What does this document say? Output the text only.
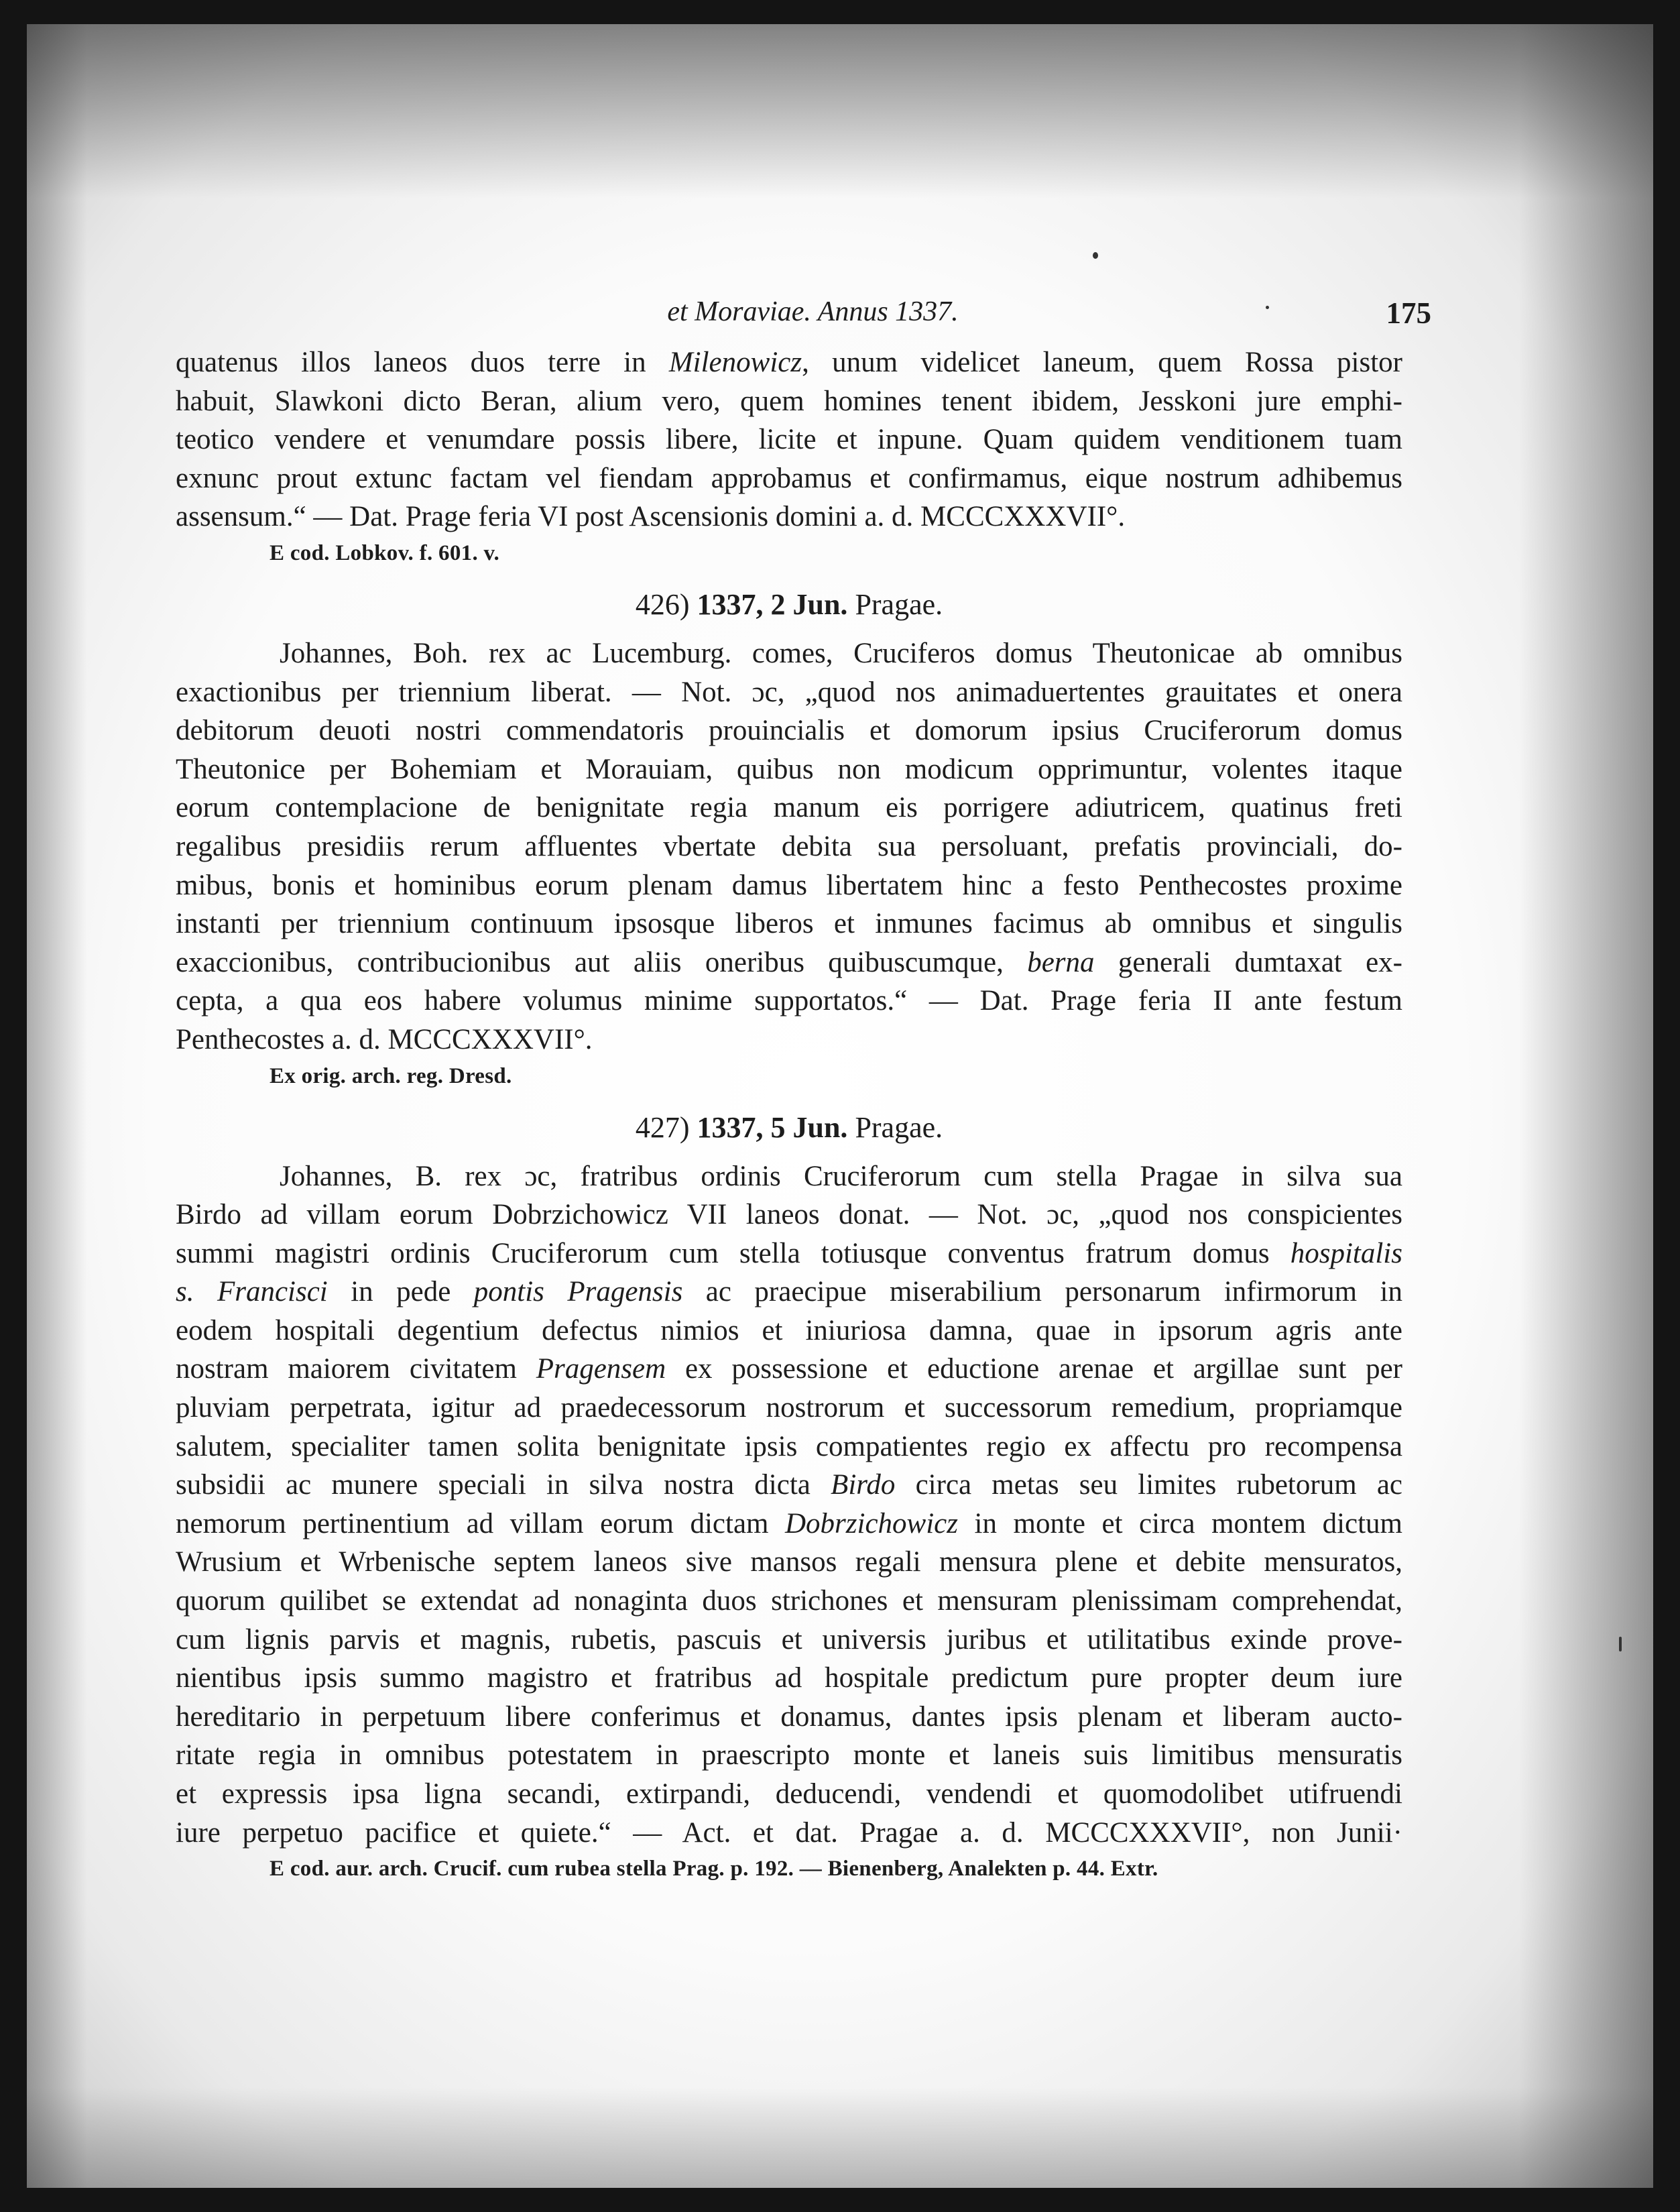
et Moraviae. Annus 1337.	175
quatenus illos laneos duos terre in Milenowicz, unum videlicet laneum, quem Rossa pistor
habuit, Slawkoni dicto Beran, alium vero, quem homines tenent ibidem, Jesskoni jure emphi-
teotico vendere et venumdare possis libere, licite et inpune. Quam quidem venditionem tuam
exnunc prout extunc factam vel fiendam approbamus et confirmamus, eique nostrum adhibemus
assensum.“ — Dat. Prage feria VI post Ascensionis domini a. d. MCCCXXXVII°.
E cod. Lobkov. f. 601. v.
426) 1337, 2 Jun. Pragae.
Johannes, Boh. rex ac Lucemburg. comes, Cruciferos domus Theutonicae ab omnibus
exactionibus per triennium liberat. — Not. ɔc, „quod nos animaduertentes grauitates et onera
debitorum deuoti nostri commendatoris prouincialis et domorum ipsius Cruciferorum domus
Theutonice per Bohemiam et Morauiam, quibus non modicum opprimuntur, volentes itaque
eorum contemplacione de benignitate regia manum eis porrigere adiutricem, quatinus freti
regalibus presidiis rerum affluentes vbertate debita sua persoluant, prefatis provinciali, do-
mibus, bonis et hominibus eorum plenam damus libertatem hinc a festo Penthecostes proxime
instanti per triennium continuum ipsosque liberos et inmunes facimus ab omnibus et singulis
exaccionibus, contribucionibus aut aliis oneribus quibuscumque, berna generali dumtaxat ex-
cepta, a qua eos habere volumus minime supportatos.“ — Dat. Prage feria II ante festum
Penthecostes a. d. MCCCXXXVII°.
Ex orig. arch. reg. Dresd.
427) 1337, 5 Jun. Pragae.
Johannes, B. rex ɔc, fratribus ordinis Cruciferorum cum stella Pragae in silva sua
Birdo ad villam eorum Dobrzichowicz VII laneos donat. — Not. ɔc, „quod nos conspicientes
summi magistri ordinis Cruciferorum cum stella totiusque conventus fratrum domus hospitalis
s. Francisci in pede pontis Pragensis ac praecipue miserabilium personarum infirmorum in
eodem hospitali degentium defectus nimios et iniuriosa damna, quae in ipsorum agris ante
nostram maiorem civitatem Pragensem ex possessione et eductione arenae et argillae sunt per
pluviam perpetrata, igitur ad praedecessorum nostrorum et successorum remedium, propriamque
salutem, specialiter tamen solita benignitate ipsis compatientes regio ex affectu pro recompensa
subsidii ac munere speciali in silva nostra dicta Birdo circa metas seu limites rubetorum ac
nemorum pertinentium ad villam eorum dictam Dobrzichowicz in monte et circa montem dictum
Wrusium et Wrbenische septem laneos sive mansos regali mensura plene et debite mensuratos,
quorum quilibet se extendat ad nonaginta duos strichones et mensuram plenissimam comprehendat,
cum lignis parvis et magnis, rubetis, pascuis et universis juribus et utilitatibus exinde prove-
nientibus ipsis summo magistro et fratribus ad hospitale predictum pure propter deum iure
hereditario in perpetuum libere conferimus et donamus, dantes ipsis plenam et liberam aucto-
ritate regia in omnibus potestatem in praescripto monte et laneis suis limitibus mensuratis
et expressis ipsa ligna secandi, extirpandi, deducendi, vendendi et quomodolibet utifruendi
iure perpetuo pacifice et quiete.“ — Act. et dat. Pragae a. d. MCCCXXXVII°, non Junii·
E cod. aur. arch. Crucif. cum rubea stella Prag. p. 192. — Bienenberg, Analekten p. 44. Extr.
